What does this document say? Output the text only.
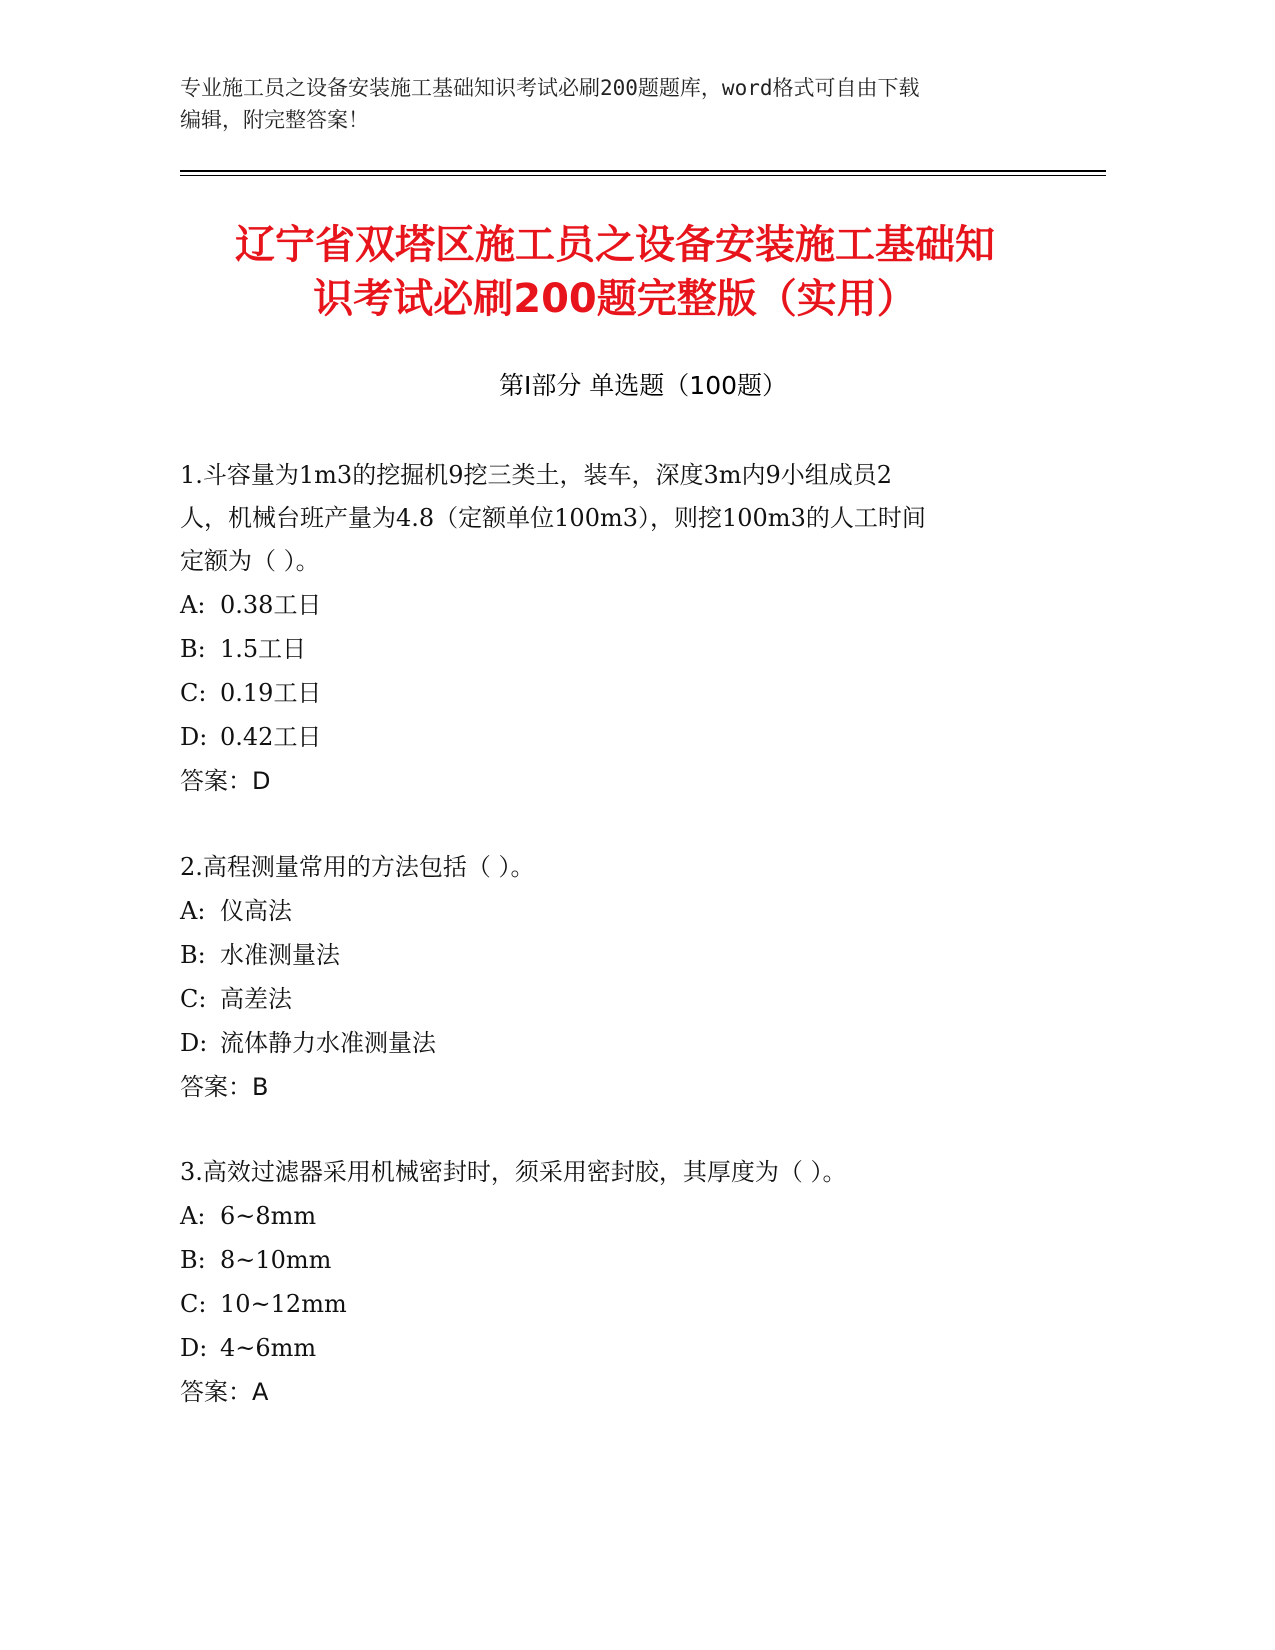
专业施工员之设备安装施工基础知识考试必刷200题题库，word格式可自由下载
编辑，附完整答案！
辽宁省双塔区施工员之设备安装施工基础知
识考试必刷200题完整版（实用）
第Ⅰ部分 单选题（100题）
1.斗容量为1m3的挖掘机9挖三类土，装车，深度3m内9小组成员2
人，机械台班产量为4.8（定额单位100m3），则挖100m3的人工时间
定额为（ ）。
A: 0.38工日
B: 1.5工日
C: 0.19工日
D: 0.42工日
答案：D
2.高程测量常用的方法包括（ ）。
A: 仪高法
B: 水准测量法
C: 高差法
D: 流体静力水准测量法
答案：B
3.高效过滤器采用机械密封时，须采用密封胶，其厚度为（ ）。
A: 6~8mm
B: 8~10mm
C: 10~12mm
D: 4~6mm
答案：A
